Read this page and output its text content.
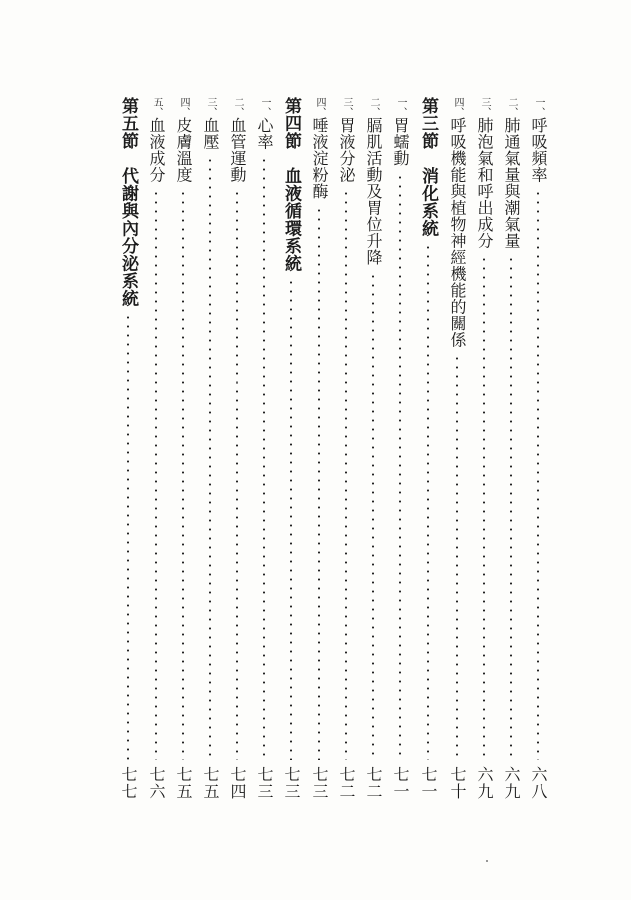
一、呼吸頻率
六八
二、肺通氣量與潮氣量
六九
三、肺泡氣和呼出成分
六九
四、呼吸機能與植物神經機能的關係
七十
第三節　消化系統
七一
一、胃蠕動
七一
二、膈肌活動及胃位升降
七二
三、胃液分泌
七二
四、唾液淀粉酶
七三
第四節　血液循環系統
七三
一、心率
七三
二、血管運動
七四
三、血壓
七五
四、皮膚溫度
七五
五、血液成分
七六
第五節　代謝與內分泌系統
七七
